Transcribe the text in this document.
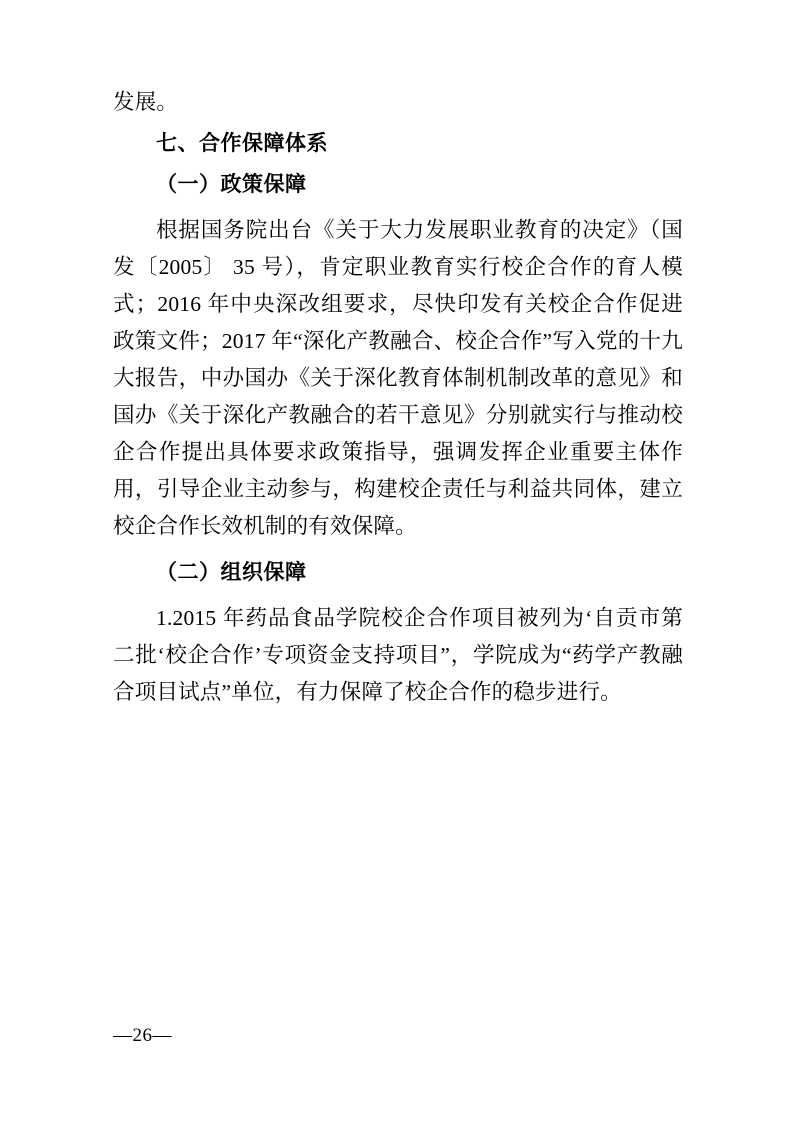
发展。

七、合作保障体系

（一）政策保障

根据国务院出台《关于大力发展职业教育的决定》（国发〔2005〕 35 号），肯定职业教育实行校企合作的育人模式；2016 年中央深改组要求，尽快印发有关校企合作促进政策文件；2017 年“深化产教融合、校企合作”写入党的十九大报告，中办国办《关于深化教育体制机制改革的意见》和国办《关于深化产教融合的若干意见》分别就实行与推动校企合作提出具体要求政策指导，强调发挥企业重要主体作用，引导企业主动参与，构建校企责任与利益共同体，建立校企合作长效机制的有效保障。

（二）组织保障

1.2015 年药品食品学院校企合作项目被列为‘自贡市第二批‘校企合作’专项资金支持项目”，学院成为“药学产教融合项目试点”单位，有力保障了校企合作的稳步进行。

—26—
